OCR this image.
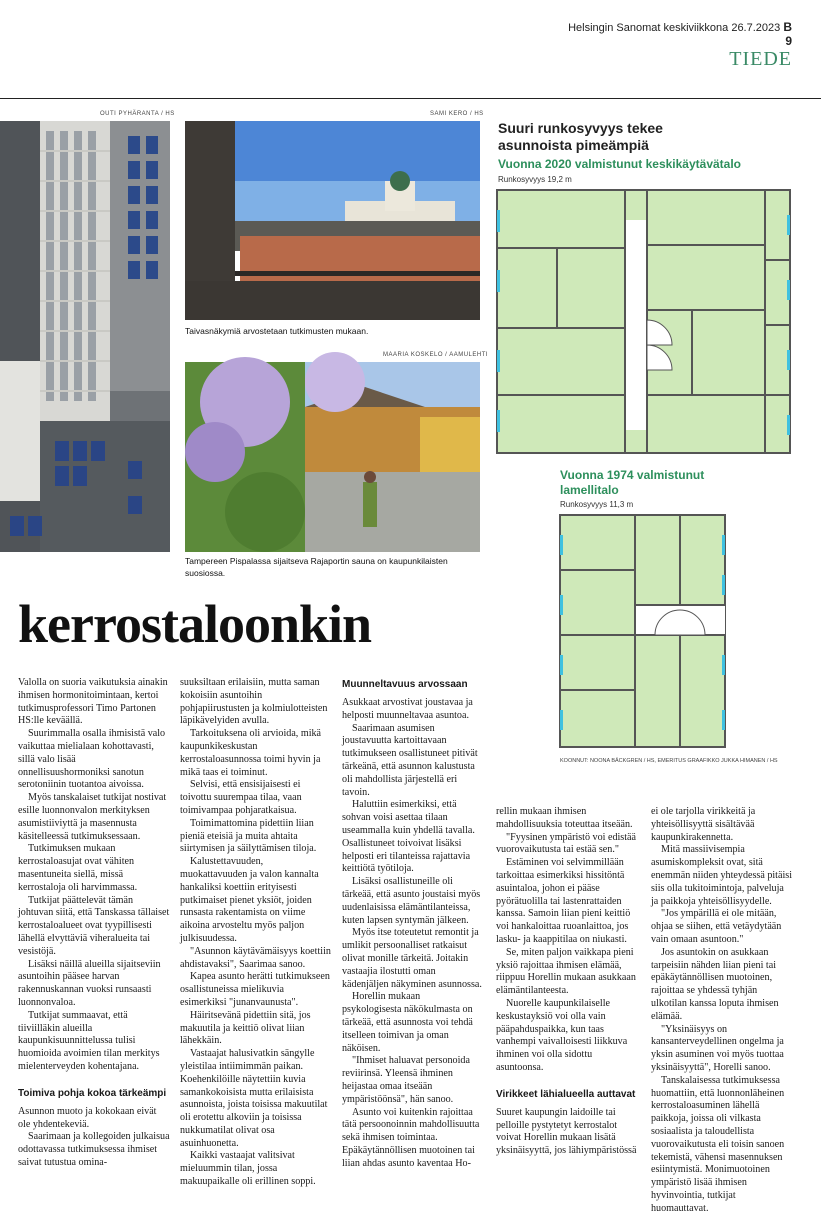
Helsingin Sanomat keskiviikkona 26.7.2023 B 9
TIEDE
OUTI PYHÄRANTA / HS	SAMI KERO / HS
Taivasnäkymiä arvostetaan tutkimusten mukaan.
MAARIA KOSKELO / AAMULEHTI
Tampereen Pispalassa sijaitseva Rajaportin sauna on kaupunkilaisten suosiossa.
Suuri runkosyvyys tekee asunnoista pimeämpiä
Vuonna 2020 valmistunut keskikäytävätalo
Runkosyvyys 19,2 m
Vuonna 1974 valmistunut lamellitalo
Runkosyvyys 11,3 m
KOONNUT: NOONA BÄCKGREN / HS, EMERITUS GRAAFIKKO JUKKA HIMANEN / HS
kerrostaloonkin

Valolla on suoria vaikutuksia ainakin ihmisen hormonitoimintaan, kertoi tutkimusprofessori Timo Partonen HS:lle keväällä.

Suurimmalla osalla ihmisistä valo vaikuttaa mielialaan kohottavasti, sillä valo lisää onnellisuushormoniksi sanotun serotoniinin tuotantoa aivoissa.

Myös tanskalaiset tutkijat nostivat esille luonnonvalon merkityksen asumistiiviyttä ja masennusta käsitelleessä tutkimuksessaan.

Tutkimuksen mukaan kerrostaloasujat ovat vähiten masentuneita siellä, missä kerrostaloja oli harvimmassa.

Tutkijat päättelevät tämän johtuvan siitä, että Tanskassa tällaiset kerrostaloalueet ovat tyypillisesti lähellä elvyttäviä viheralueita tai vesistöjä.

Lisäksi näillä alueilla sijaitseviin asuntoihin pääsee harvan rakennuskannan vuoksi runsaasti luonnonvaloa.

Tutkijat summaavat, että tiiviilläkin alueilla kaupunkisuunnittelussa tulisi huomioida avoimien tilan merkitys mielenterveyden kohentajana.

Toimiva pohja kokoa tärkeämpi

Asunnon muoto ja kokokaan eivät ole yhdentekeviä.

Saarimaan ja kollegoiden julkaisua odottavassa tutkimuksessa ihmiset saivat tutustua omina-

suuksiltaan erilaisiin, mutta saman kokoisiin asuntoihin pohjapiirustusten ja kolmiulotteisten läpikävelyiden avulla.

Tarkoituksena oli arvioida, mikä kaupunkikeskustan kerrostaloasunnossa toimi hyvin ja mikä taas ei toiminut.

Selvisi, että ensisijaisesti ei toivottu suurempaa tilaa, vaan toimivampaa pohjaratkaisua.

Toimimattomina pidettiin liian pieniä eteisiä ja muita ahtaita siirtymisen ja säilyttämisen tiloja.

Kalustettavuuden, muokattavuuden ja valon kannalta hankaliksi koettiin erityisesti putkimaiset pienet yksiöt, joiden runsasta rakentamista on viime aikoina arvosteltu myös paljon julkisuudessa.

"Asunnon käytävämäisyys koettiin ahdistavaksi", Saarimaa sanoo.

Kapea asunto herätti tutkimukseen osallistuneissa mielikuvia esimerkiksi "junanvaunusta".

Häiritsevänä pidettiin sitä, jos makuutila ja keittiö olivat liian lähekkäin.

Vastaajat halusivatkin sängylle yleistilaa intiimimmän paikan. Koehenkilöille näytettiin kuvia samankokoisista mutta erilaisista asunnoista, joista toisissa makuutilat oli erotettu alkoviin ja toisissa nukkumatilat olivat osa asuinhuonetta.

Kaikki vastaajat valitsivat mieluummin tilan, jossa makuupaikalle oli erillinen soppi.

Muunneltavuus arvossaan

Asukkaat arvostivat joustavaa ja helposti muunneltavaa asuntoa.

Saarimaan asumisen joustavuutta kartoittavaan tutkimukseen osallistuneet pitivät tärkeänä, että asunnon kalustusta oli mahdollista järjestellä eri tavoin.

Haluttiin esimerkiksi, että sohvan voisi asettaa tilaan useammalla kuin yhdellä tavalla. Osallistuneet toivoivat lisäksi helposti eri tilanteissa rajattavia keittiötä työtiloja.

Lisäksi osallistuneille oli tärkeää, että asunto joustaisi myös uudenlaisissa elämäntilanteissa, kuten lapsen syntymän jälkeen.

Myös itse toteutetut remontit ja umlikit persoonalliset ratkaisut olivat monille tärkeitä. Joitakin vastaajia ilostutti oman kädenjäljen näkyminen asunnossa.

Horellin mukaan psykologisesta näkökulmasta on tärkeää, että asunnosta voi tehdä itselleen toimivan ja oman näköisen.

"Ihmiset haluavat personoida reviirinsä. Yleensä ihminen heijastaa omaa itseään ympäristöönsä", hän sanoo.

Asunto voi kuitenkin rajoittaa tätä persoonoinnin mahdollisuutta sekä ihmisen toimintaa. Epäkäytännöllisen muotoinen tai liian ahdas asunto kaventaa Ho-

rellin mukaan ihmisen mahdollisuuksia toteuttaa itseään.

"Fyysinen ympäristö voi edistää vuorovaikutusta tai estää sen."

Estäminen voi selvimmillään tarkoittaa esimerkiksi hissitöntä asuintaloa, johon ei pääse pyörätuolilla tai lastenrattaiden kanssa. Samoin liian pieni keittiö voi hankaloittaa ruoanlaittoa, jos lasku- ja kaappitilaa on niukasti.

Se, miten paljon vaikkapa pieni yksiö rajoittaa ihmisen elämää, riippuu Horellin mukaan asukkaan elämäntilanteesta.

Nuorelle kaupunkilaiselle keskustayksiö voi olla vain pääpahduspaikka, kun taas vanhempi vaivalloisesti liikkuva ihminen voi olla sidottu asuntoonsa.

Virikkeet lähialueella auttavat

Suuret kaupungin laidoille tai pelloille pystytetyt kerrostalot voivat Horellin mukaan lisätä yksinäisyyttä, jos lähiympäristössä

ei ole tarjolla virikkeitä ja yhteisöllisyyttä sisältävää kaupunkirakennetta.

Mitä massiivisempia asumiskompleksit ovat, sitä enemmän niiden yhteydessä pitäisi siis olla tukitoimintoja, palveluja ja paikkoja yhteisöllisyydelle.

"Jos ympärillä ei ole mitään, ohjaa se siihen, että vetäydytään vain omaan asuntoon."

Jos asuntokin on asukkaan tarpeisiin nähden liian pieni tai epäkäytännöllisen muotoinen, rajoittaa se yhdessä tyhjän ulkotilan kanssa loputa ihmisen elämää.

"Yksinäisyys on kansanterveydellinen ongelma ja yksin asuminen voi myös tuottaa yksinäisyyttä", Horelli sanoo.

Tanskalaisessa tutkimuksessa huomattiin, että luonnonläheinen kerrostaloasuminen lähellä paikkoja, joissa oli vilkasta sosiaalista ja taloudellista vuorovaikutusta eli toisin sanoen tekemistä, vähensi masennuksen esiintymistä. Monimuotoinen ympäristö lisää ihmisen hyvinvointia, tutkijat huomauttavat.
